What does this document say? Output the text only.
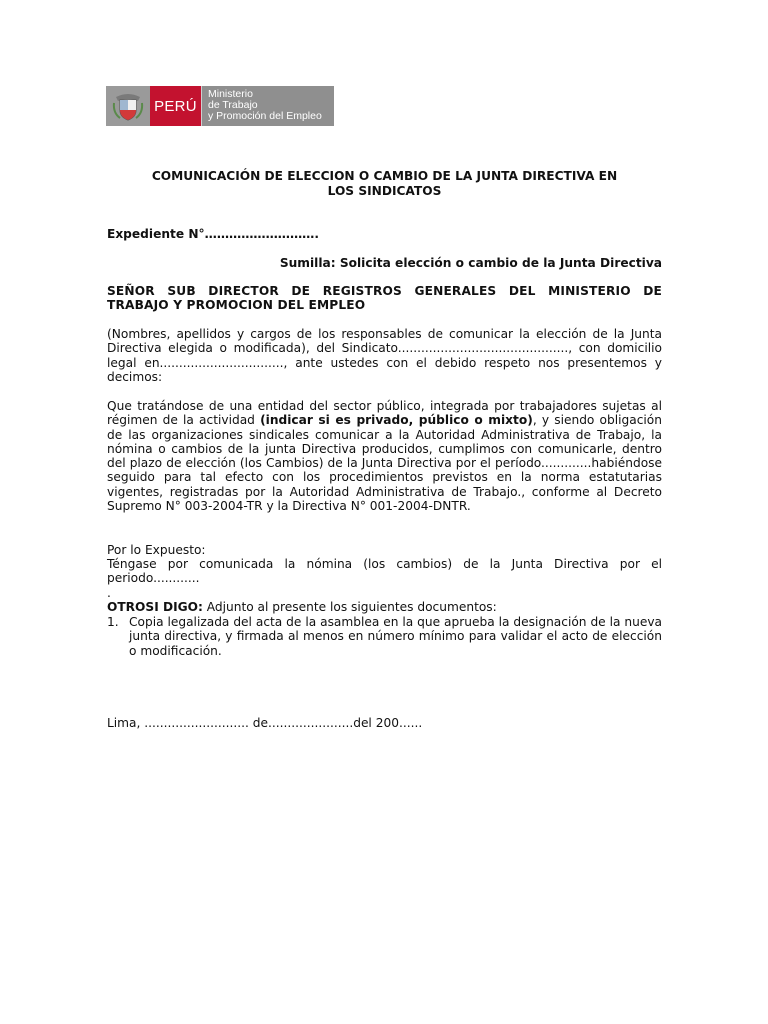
PERÚ
Ministerio
de Trabajo
y Promoción del Empleo
COMUNICACIÓN DE ELECCION O CAMBIO DE LA JUNTA DIRECTIVA EN
LOS SINDICATOS
Expediente N°……………………….
Sumilla: Solicita elección o cambio de la Junta Directiva
SEÑOR SUB DIRECTOR DE REGISTROS GENERALES DEL MINISTERIO DE TRABAJO Y PROMOCION DEL EMPLEO
(Nombres, apellidos y cargos de los responsables de comunicar la elección de la Junta Directiva elegida o modificada), del Sindicato............................................, con domicilio legal en................................, ante ustedes con el debido respeto nos presentemos y decimos:
Que tratándose de una entidad del sector público, integrada por trabajadores sujetas al régimen de la actividad (indicar si es privado, público o mixto), y siendo obligación de las organizaciones sindicales comunicar a la Autoridad Administrativa de Trabajo, la nómina o cambios de la junta Directiva producidos, cumplimos con comunicarle, dentro del plazo de elección (los Cambios) de la Junta Directiva por el período.............habiéndose seguido para tal efecto con los procedimientos previstos en la norma estatutarias vigentes, registradas por la Autoridad Administrativa de Trabajo., conforme al Decreto Supremo N° 003-2004-TR y la Directiva N° 001-2004-DNTR.
Por lo Expuesto:
Téngase por comunicada la nómina (los cambios) de la Junta Directiva por el periodo............
.
OTROSI DIGO: Adjunto al presente los siguientes documentos:
1. Copia legalizada del acta de la asamblea en la que aprueba la designación de la nueva junta directiva, y firmada al menos en número mínimo para validar el acto de elección o modificación.
Lima, ........................... de......................del 200......
